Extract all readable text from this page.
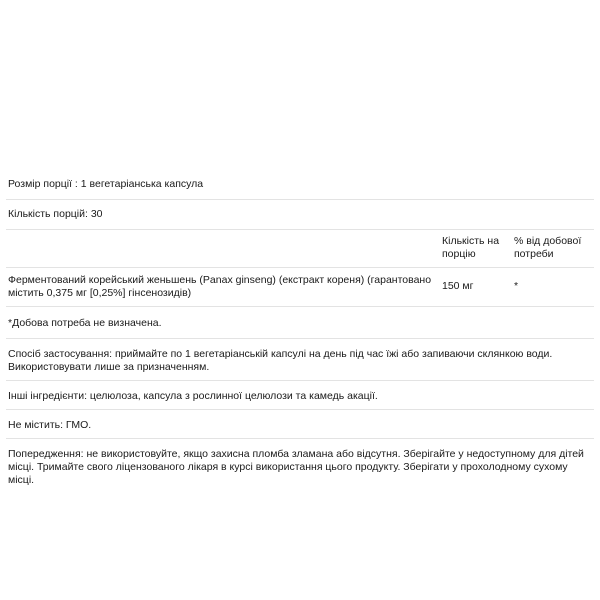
Розмір порції : 1 вегетаріанська капсула
Кількість порцій: 30
Кількість на порцію
% від добової потреби
Ферментований корейський женьшень (Panax ginseng) (екстракт кореня) (гарантовано містить 0,375 мг [0,25%] гінсенозидів)
150 мг	*
*Добова потреба не визначена.
Спосіб застосування: приймайте по 1 вегетаріанській капсулі на день під час їжі або запиваючи склянкою води. Використовувати лише за призначенням.
Інші інгредієнти: целюлоза, капсула з рослинної целюлози та камедь акації.
Не містить: ГМО.
Попередження: не використовуйте, якщо захисна пломба зламана або відсутня. Зберігайте у недоступному для дітей місці. Тримайте свого ліцензованого лікаря в курсі використання цього продукту. Зберігати у прохолодному сухому місці.
